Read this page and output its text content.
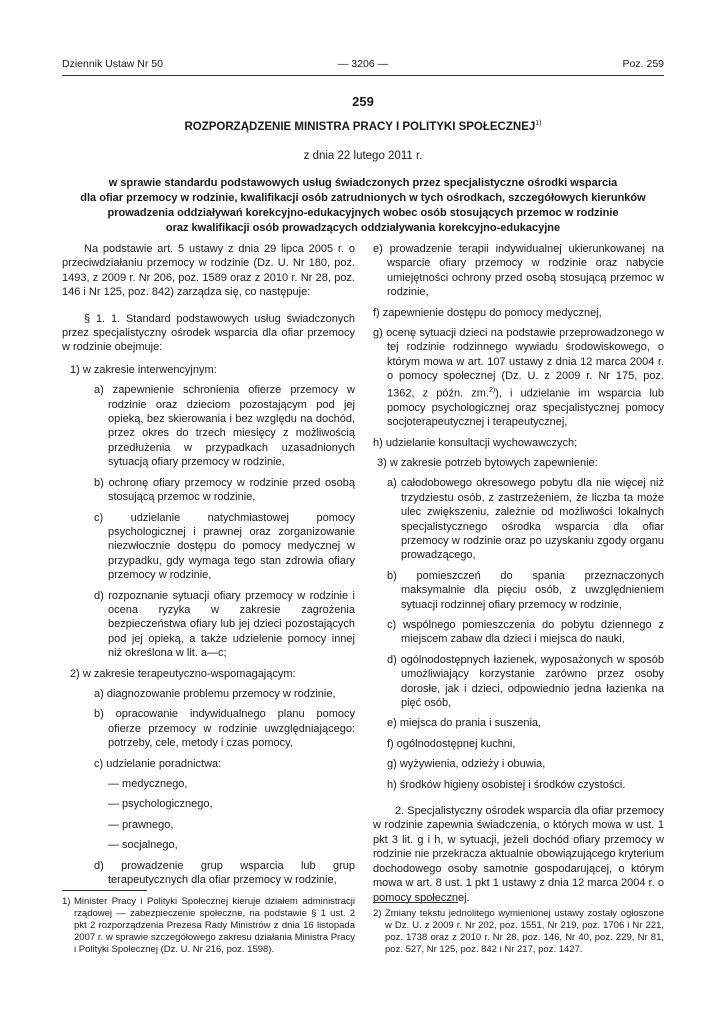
Dziennik Ustaw Nr 50	— 3206 —	Poz. 259
259
ROZPORZĄDZENIE MINISTRA PRACY I POLITYKI SPOŁECZNEJ$^{1)}$
z dnia 22 lutego 2011 r.
w sprawie standardu podstawowych usług świadczonych przez specjalistyczne ośrodki wsparcia
dla ofiar przemocy w rodzinie, kwalifikacji osób zatrudnionych w tych ośrodkach, szczegółowych kierunków
prowadzenia oddziaływań korekcyjno-edukacyjnych wobec osób stosujących przemoc w rodzinie
oraz kwalifikacji osób prowadzących oddziaływania korekcyjno-edukacyjne

Na podstawie art. 5 ustawy z dnia 29 lipca 2005 r. o przeciwdziałaniu przemocy w rodzinie (Dz. U. Nr 180, poz. 1493, z 2009 r. Nr 206, poz. 1589 oraz z 2010 r. Nr 28, poz. 146 i Nr 125, poz. 842) zarządza się, co następuje:

§ 1. 1. Standard podstawowych usług świadczonych przez specjalistyczny ośrodek wsparcia dla ofiar przemocy w rodzinie obejmuje:

1) w zakresie interwencyjnym:

a) zapewnienie schronienia ofierze przemocy w rodzinie oraz dzieciom pozostającym pod jej opieką, bez skierowania i bez względu na dochód, przez okres do trzech miesięcy z możliwością przedłużenia w przypadkach uzasadnionych sytuacją ofiary przemocy w rodzinie,

b) ochronę ofiary przemocy w rodzinie przed osobą stosującą przemoc w rodzinie,

c) udzielanie natychmiastowej pomocy psychologicznej i prawnej oraz zorganizowanie niezwłocznie dostępu do pomocy medycznej w przypadku, gdy wymaga tego stan zdrowia ofiary przemocy w rodzinie,

d) rozpoznanie sytuacji ofiary przemocy w rodzinie i ocena ryzyka w zakresie zagrożenia bezpieczeństwa ofiary lub jej dzieci pozostających pod jej opieką, a także udzielenie pomocy innej niż określona w lit. a—c;

2) w zakresie terapeutyczno-wspomagającym:

a) diagnozowanie problemu przemocy w rodzinie,

b) opracowanie indywidualnego planu pomocy ofierze przemocy w rodzinie uwzględniającego: potrzeby, cele, metody i czas pomocy,

c) udzielanie poradnictwa:

— medycznego,

— psychologicznego,

— prawnego,

— socjalnego,

d) prowadzenie grup wsparcia lub grup terapeutycznych dla ofiar przemocy w rodzinie,

e) prowadzenie terapii indywidualnej ukierunkowanej na wsparcie ofiary przemocy w rodzinie oraz nabycie umiejętności ochrony przed osobą stosującą przemoc w rodzinie,

f) zapewnienie dostępu do pomocy medycznej,

g) ocenę sytuacji dzieci na podstawie przeprowadzonego w tej rodzinie rodzinnego wywiadu środowiskowego, o którym mowa w art. 107 ustawy z dnia 12 marca 2004 r. o pomocy społecznej (Dz. U. z 2009 r. Nr 175, poz. 1362, z późn. zm.$^{2)}$), i udzielanie im wsparcia lub pomocy psychologicznej oraz specjalistycznej pomocy socjoterapeutycznej i terapeutycznej,

h) udzielanie konsultacji wychowawczych;

3) w zakresie potrzeb bytowych zapewnienie:

a) całodobowego okresowego pobytu dla nie więcej niż trzydziestu osób, z zastrzeżeniem, że liczba ta może ulec zwiększeniu, zależnie od możliwości lokalnych specjalistycznego ośrodka wsparcia dla ofiar przemocy w rodzinie oraz po uzyskaniu zgody organu prowadzącego,

b) pomieszczeń do spania przeznaczonych maksymalnie dla pięciu osób, z uwzględnieniem sytuacji rodzinnej ofiary przemocy w rodzinie,

c) wspólnego pomieszczenia do pobytu dziennego z miejscem zabaw dla dzieci i miejsca do nauki,

d) ogólnodostępnych łazienek, wyposażonych w sposób umożliwiający korzystanie zarówno przez osoby dorosłe, jak i dzieci, odpowiednio jedna łazienka na pięć osób,

e) miejsca do prania i suszenia,

f) ogólnodostępnej kuchni,

g) wyżywienia, odzieży i obuwia,

h) środków higieny osobistej i środków czystości.

2. Specjalistyczny ośrodek wsparcia dla ofiar przemocy w rodzinie zapewnia świadczenia, o których mowa w ust. 1 pkt 3 lit. g i h, w sytuacji, jeżeli dochód ofiary przemocy w rodzinie nie przekracza aktualnie obowiązującego kryterium dochodowego osoby samotnie gospodarującej, o którym mowa w art. 8 ust. 1 pkt 1 ustawy z dnia 12 marca 2004 r. o pomocy społecznej.

1) Minister Pracy i Polityki Społecznej kieruje działem administracji rządowej — zabezpieczenie społeczne, na podstawie § 1 ust. 2 pkt 2 rozporządzenia Prezesa Rady Ministrów z dnia 16 listopada 2007 r. w sprawie szczegółowego zakresu działania Ministra Pracy i Polityki Społecznej (Dz. U. Nr 216, poz. 1598).
2) Zmiany tekstu jednolitego wymienionej ustawy zostały ogłoszone w Dz. U. z 2009 r. Nr 202, poz. 1551, Nr 219, poz. 1706 i Nr 221, poz. 1738 oraz z 2010 r. Nr 28, poz. 146, Nr 40, poz. 229, Nr 81, poz. 527, Nr 125, poz. 842 i Nr 217, poz. 1427.
